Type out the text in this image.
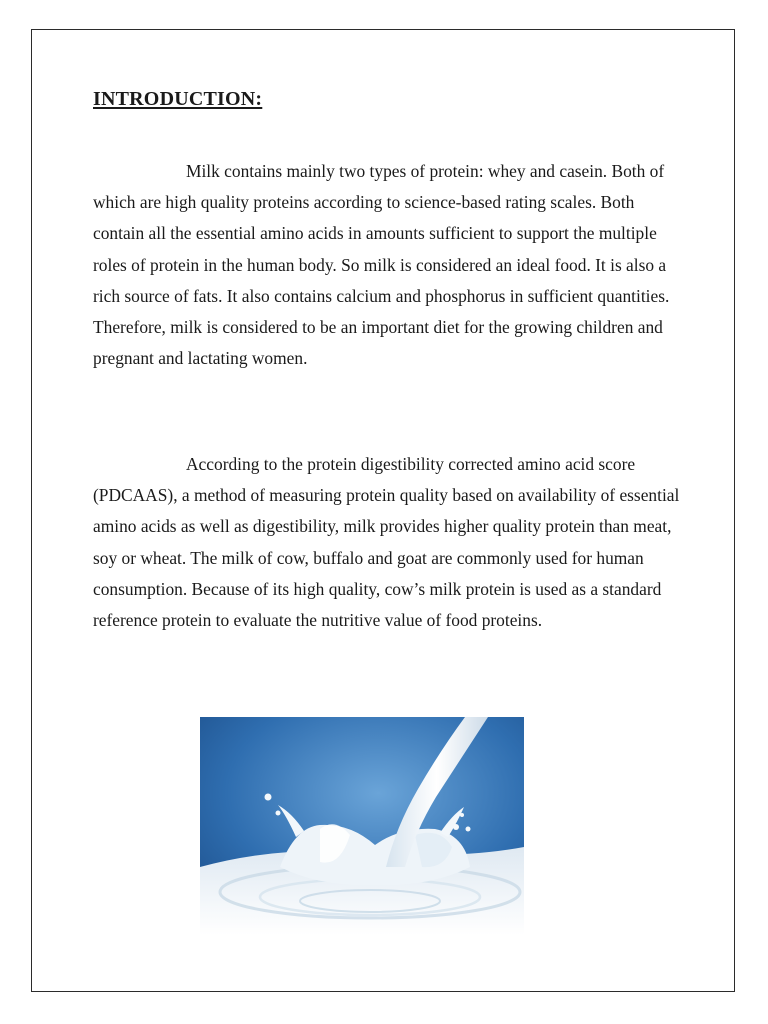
INTRODUCTION:

Milk contains mainly two types of protein: whey and casein. Both of which are high quality proteins according to science-based rating scales. Both contain all the essential amino acids in amounts sufficient to support the multiple roles of protein in the human body. So milk is considered an ideal food. It is also a rich source of fats. It also contains calcium and phosphorus in sufficient quantities. Therefore, milk is considered to be an important diet for the growing children and pregnant and lactating women.

According to the protein digestibility corrected amino acid score (PDCAAS), a method of measuring protein quality based on availability of essential amino acids as well as digestibility, milk provides higher quality protein than meat, soy or wheat. The milk of cow, buffalo and goat are commonly used for human consumption. Because of its high quality, cow’s milk protein is used as a standard reference protein to evaluate the nutritive value of food proteins.
